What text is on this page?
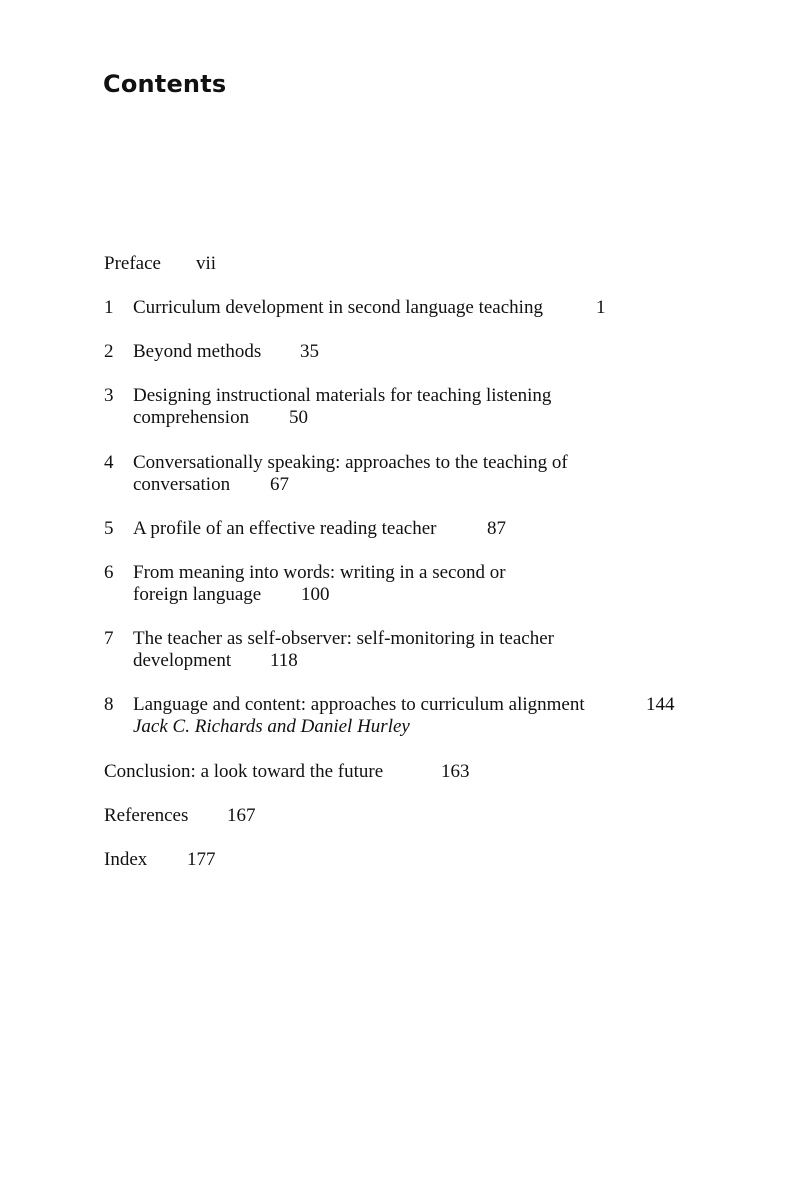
Contents
Preface vii
1 Curriculum development in second language teaching	1
2 Beyond methods 35
3 Designing instructional materials for teaching listening
comprehension 50
4 Conversationally speaking: approaches to the teaching of
conversation 67
5 A profile of an effective reading teacher	87
6 From meaning into words: writing in a second or
foreign language 100
7 The teacher as self-observer: self-monitoring in teacher
development 118
8 Language and content: approaches to curriculum alignment	144
Jack C. Richards and Daniel Hurley
Conclusion: a look toward the future	163
References 167
Index 177
